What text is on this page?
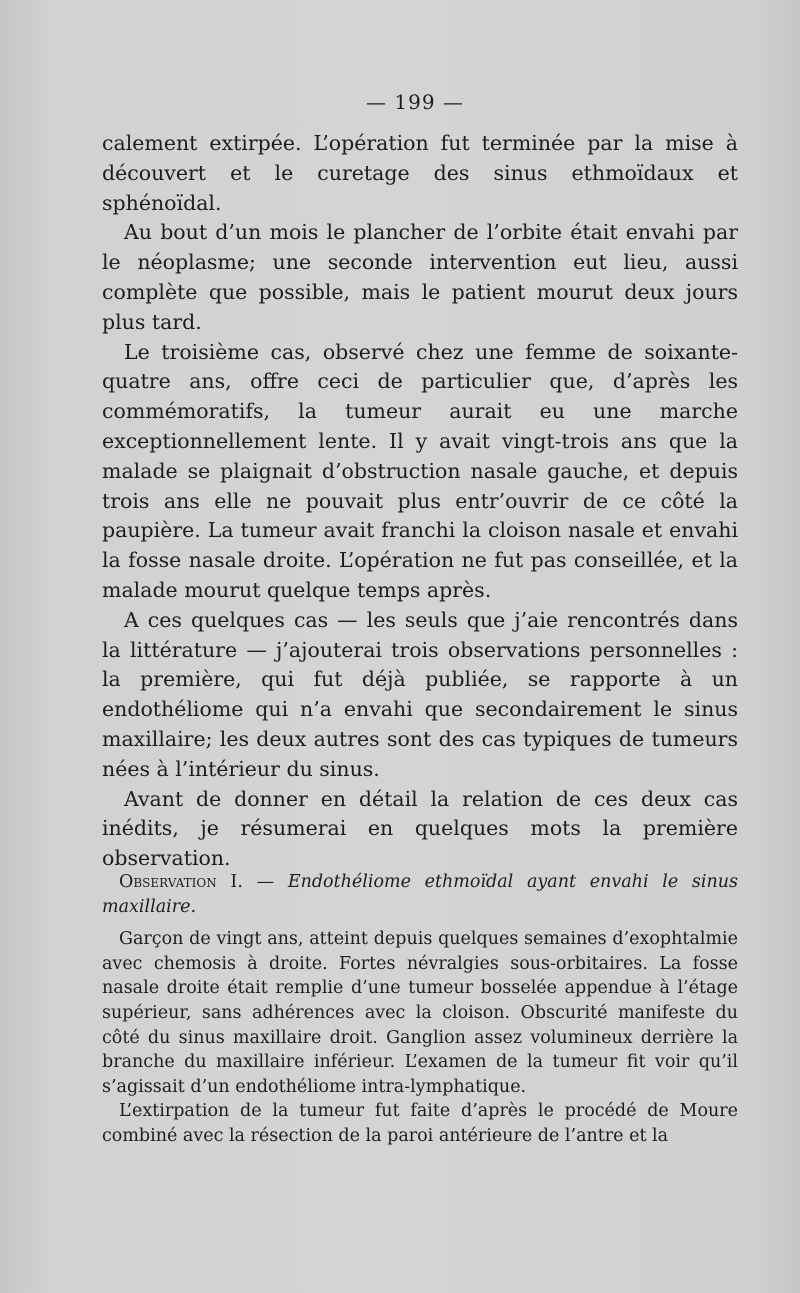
— 199 —

calement extirpée. L’opération fut terminée par la mise à découvert et le curetage des sinus ethmoïdaux et sphénoïdal.

Au bout d’un mois le plancher de l’orbite était envahi par le néoplasme; une seconde intervention eut lieu, aussi complète que possible, mais le patient mourut deux jours plus tard.

Le troisième cas, observé chez une femme de soixante-quatre ans, offre ceci de particulier que, d’après les commémoratifs, la tumeur aurait eu une marche exceptionnellement lente. Il y avait vingt-trois ans que la malade se plaignait d’obstruction nasale gauche, et depuis trois ans elle ne pouvait plus entr’ouvrir de ce côté la paupière. La tumeur avait franchi la cloison nasale et envahi la fosse nasale droite. L’opération ne fut pas conseillée, et la malade mourut quelque temps après.

A ces quelques cas — les seuls que j’aie rencontrés dans la littérature — j’ajouterai trois observations personnelles : la première, qui fut déjà publiée, se rapporte à un endothéliome qui n’a envahi que secondairement le sinus maxillaire; les deux autres sont des cas typiques de tumeurs nées à l’intérieur du sinus.

Avant de donner en détail la relation de ces deux cas inédits, je résumerai en quelques mots la première observation.

Observation I. — Endothéliome ethmoïdal ayant envahi le sinus maxillaire.

Garçon de vingt ans, atteint depuis quelques semaines d’exophtalmie avec chemosis à droite. Fortes névralgies sous-orbitaires. La fosse nasale droite était remplie d’une tumeur bosselée appendue à l’étage supérieur, sans adhérences avec la cloison. Obscurité manifeste du côté du sinus maxillaire droit. Ganglion assez volumineux derrière la branche du maxillaire inférieur. L’examen de la tumeur fit voir qu’il s’agissait d’un endothéliome intra-lymphatique.

L’extirpation de la tumeur fut faite d’après le procédé de Moure combiné avec la résection de la paroi antérieure de l’antre et la
